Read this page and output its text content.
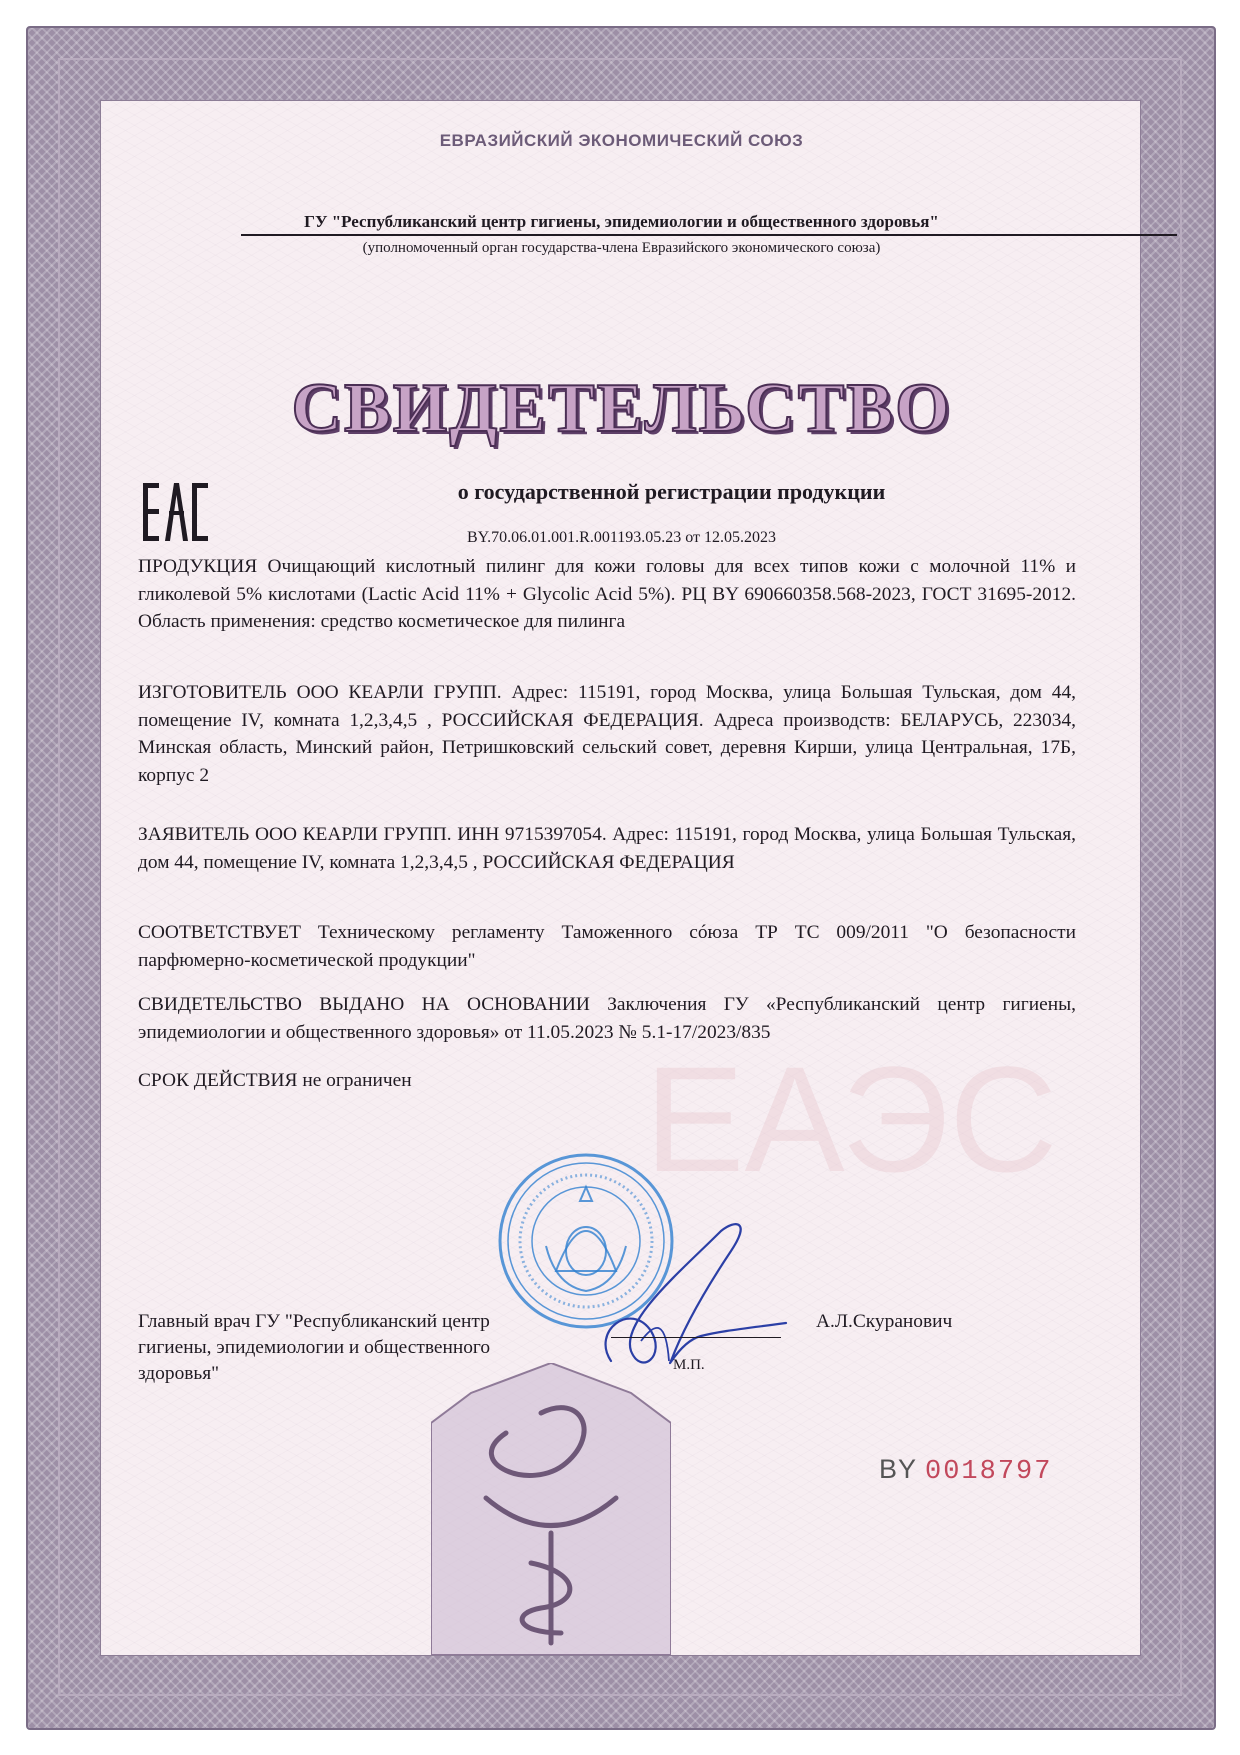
ЕАЭС
ЕВРАЗИЙСКИЙ ЭКОНОМИЧЕСКИЙ СОЮЗ
ГУ "Республиканский центр гигиены, эпидемиологии и общественного здоровья"
(уполномоченный орган государства-члена Евразийского экономического союза)
СВИДЕТЕЛЬСТВО
о государственной регистрации продукции
BY.70.06.01.001.R.001193.05.23 от 12.05.2023
ПРОДУКЦИЯ Очищающий кислотный пилинг для кожи головы для всех типов кожи с молочной 11% и гликолевой 5% кислотами (Lactic Acid 11% + Glycolic Acid 5%). РЦ BY 690660358.568-2023, ГОСТ 31695-2012. Область применения: средство косметическое для пилинга
ИЗГОТОВИТЕЛЬ ООО КЕАРЛИ ГРУПП. Адрес: 115191, город Москва, улица Большая Тульская, дом 44, помещение IV, комната 1,2,3,4,5 , РОССИЙСКАЯ ФЕДЕРАЦИЯ. Адреса производств: БЕЛАРУСЬ, 223034, Минская область, Минский район, Петришковский сельский совет, деревня Кирши, улица Центральная, 17Б, корпус 2
ЗАЯВИТЕЛЬ ООО КЕАРЛИ ГРУПП. ИНН 9715397054. Адрес: 115191, город Москва, улица Большая Тульская, дом 44, помещение IV, комната 1,2,3,4,5 , РОССИЙСКАЯ ФЕДЕРАЦИЯ
СООТВЕТСТВУЕТ Техническому регламенту Таможенного сóюза ТР ТС 009/2011 "О безопасности парфюмерно-косметической продукции"
СВИДЕТЕЛЬСТВО ВЫДАНО НА ОСНОВАНИИ Заключения ГУ «Республиканский центр гигиены, эпидемиологии и общественного здоровья» от 11.05.2023 № 5.1-17/2023/835
СРОК ДЕЙСТВИЯ не ограничен
Главный врач ГУ "Республиканский центр гигиены, эпидемиологии и общественного здоровья"
А.Л.Скуранович
М.П.
BY 0018797
